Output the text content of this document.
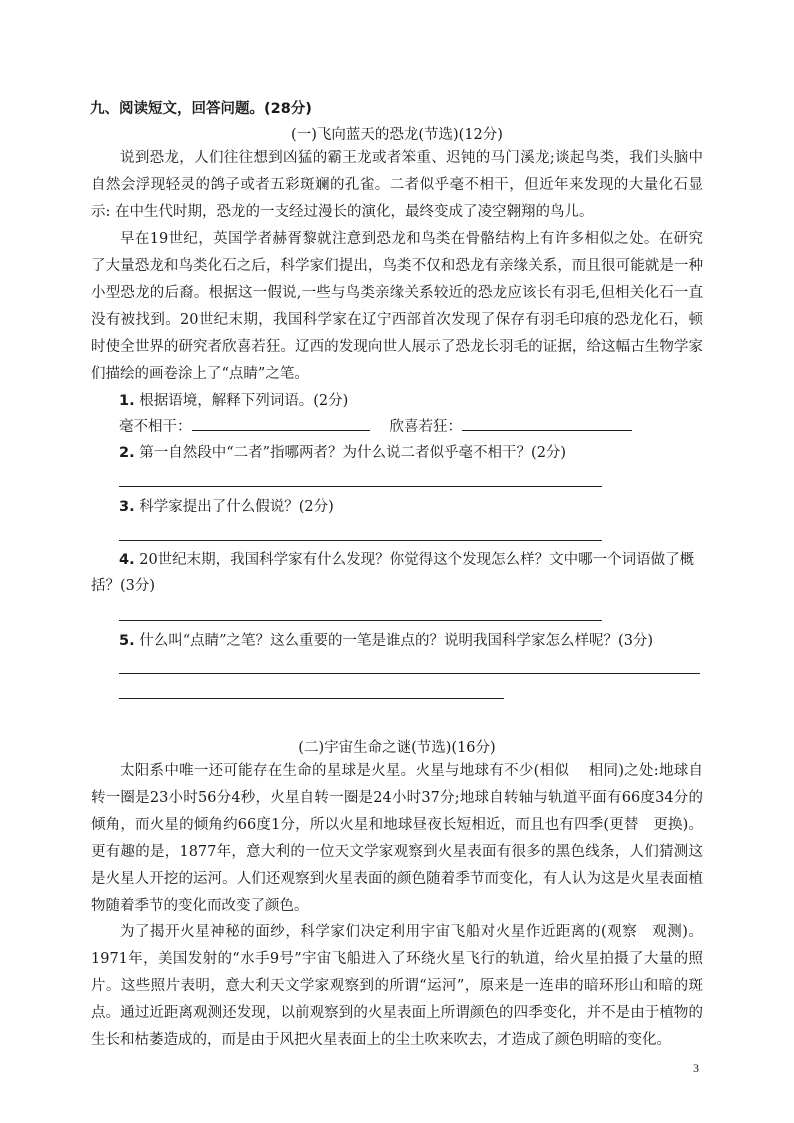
九、阅读短文，回答问题。(28分)
(一)飞向蓝天的恐龙(节选)(12分)

说到恐龙，人们往往想到凶猛的霸王龙或者笨重、迟钝的马门溪龙;谈起鸟类，我们头脑中自然会浮现轻灵的鸽子或者五彩斑斓的孔雀。二者似乎毫不相干，但近年来发现的大量化石显示: 在中生代时期，恐龙的一支经过漫长的演化，最终变成了凌空翱翔的鸟儿。

早在19世纪，英国学者赫胥黎就注意到恐龙和鸟类在骨骼结构上有许多相似之处。在研究了大量恐龙和鸟类化石之后，科学家们提出，鸟类不仅和恐龙有亲缘关系，而且很可能就是一种小型恐龙的后裔。根据这一假说,一些与鸟类亲缘关系较近的恐龙应该长有羽毛,但相关化石一直没有被找到。20世纪末期，我国科学家在辽宁西部首次发现了保存有羽毛印痕的恐龙化石，顿时使全世界的研究者欣喜若狂。辽西的发现向世人展示了恐龙长羽毛的证据，给这幅古生物学家们描绘的画卷涂上了“点睛”之笔。

1. 根据语境，解释下列词语。(2分)

毫不相干：	欣喜若狂：

2. 第一自然段中“二者”指哪两者？为什么说二者似乎毫不相干？(2分)

3. 科学家提出了什么假说？(2分)

4. 20世纪末期，我国科学家有什么发现？你觉得这个发现怎么样？文中哪一个词语做了概括？(3分)

5. 什么叫“点睛”之笔？这么重要的一笔是谁点的？说明我国科学家怎么样呢？(3分)

(二)宇宙生命之谜(节选)(16分)

太阳系中唯一还可能存在生命的星球是火星。火星与地球有不少(相似　 相同)之处:地球自转一圈是23小时56分4秒，火星自转一圈是24小时37分;地球自转轴与轨道平面有66度34分的倾角，而火星的倾角约66度1分，所以火星和地球昼夜长短相近，而且也有四季(更替　更换)。更有趣的是，1877年，意大利的一位天文学家观察到火星表面有很多的黑色线条，人们猜测这是火星人开挖的运河。人们还观察到火星表面的颜色随着季节而变化，有人认为这是火星表面植物随着季节的变化而改变了颜色。

为了揭开火星神秘的面纱，科学家们决定利用宇宙飞船对火星作近距离的(观察　观测)。1971年，美国发射的“水手9号”宇宙飞船进入了环绕火星飞行的轨道，给火星拍摄了大量的照片。这些照片表明，意大利天文学家观察到的所谓“运河”，原来是一连串的暗环形山和暗的斑点。通过近距离观测还发现，以前观察到的火星表面上所谓颜色的四季变化，并不是由于植物的生长和枯萎造成的，而是由于风把火星表面上的尘土吹来吹去，才造成了颜色明暗的变化。

3
